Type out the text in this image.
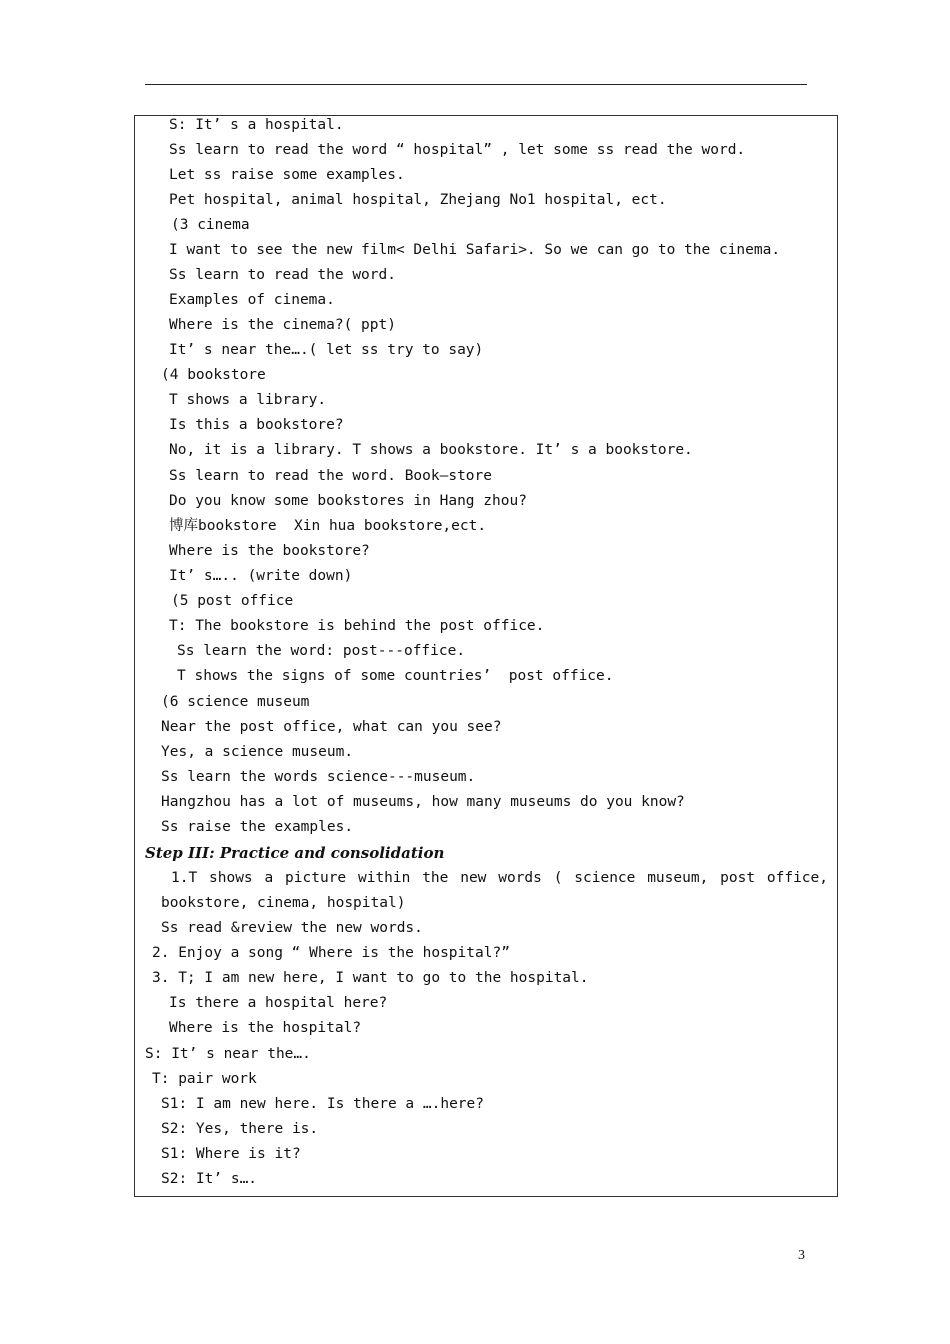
S: It’ s a hospital.
Ss learn to read the word “ hospital” , let some ss read the word.
Let ss raise some examples.
Pet hospital, animal hospital, Zhejang No1 hospital, ect.
(3 cinema
I want to see the new film< Delhi Safari>. So we can go to the cinema.
Ss learn to read the word.
Examples of cinema.
Where is the cinema?( ppt)
It’ s near the….( let ss try to say)
(4 bookstore
T shows a library.
Is this a bookstore?
No, it is a library. T shows a bookstore. It’ s a bookstore.
Ss learn to read the word. Book—store
Do you know some bookstores in Hang zhou?
博库bookstore  Xin hua bookstore,ect.
Where is the bookstore?
It’ s….. (write down)
(5 post office
T: The bookstore is behind the post office.
Ss learn the word: post---office.
T shows the signs of some countries’  post office.
(6 science museum
Near the post office, what can you see?
Yes, a science museum.
Ss learn the words science---museum.
Hangzhou has a lot of museums, how many museums do you know?
Ss raise the examples.
Step III: Practice and consolidation
1.T shows a picture within the new words ( science museum, post office,
bookstore, cinema, hospital)
Ss read &review the new words.
2. Enjoy a song “ Where is the hospital?”
3. T; I am new here, I want to go to the hospital.
Is there a hospital here?
Where is the hospital?
S: It’ s near the….
T: pair work
S1: I am new here. Is there a ….here?
S2: Yes, there is.
S1: Where is it?
S2: It’ s….
3
